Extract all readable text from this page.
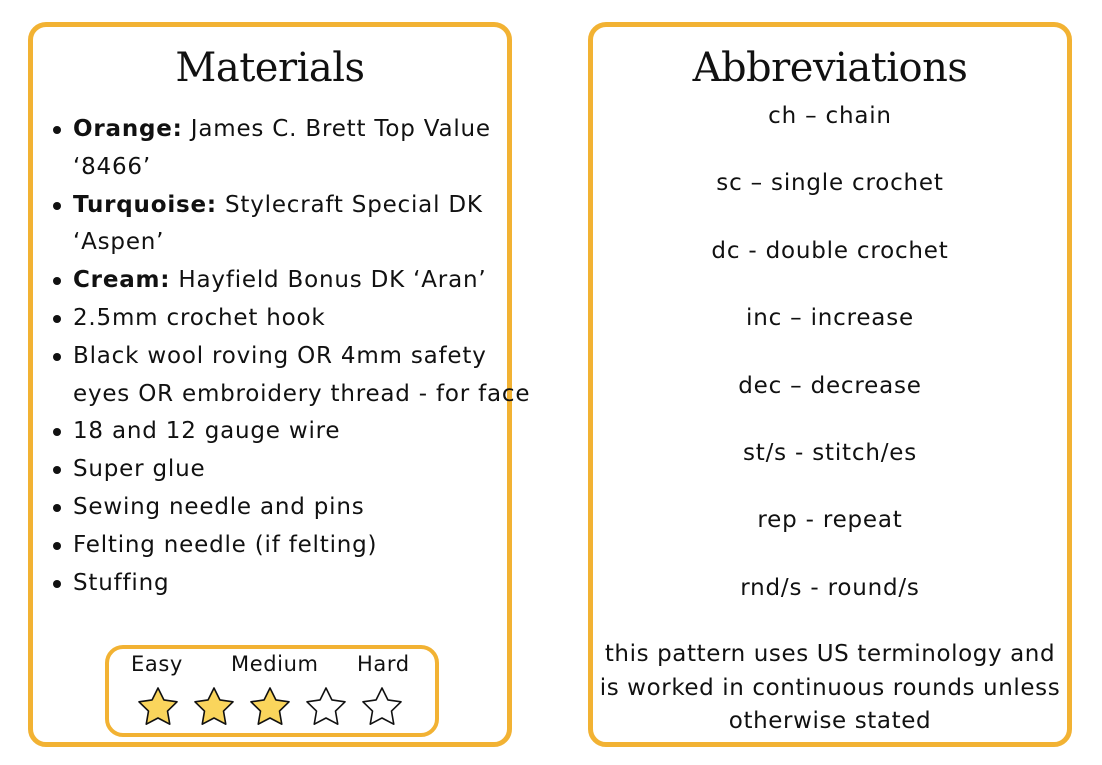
Materials
Orange: James C. Brett Top Value ‘8466’
Turquoise: Stylecraft Special DK ‘Aspen’
Cream: Hayfield Bonus DK ‘Aran’
2.5mm crochet hook
Black wool roving OR 4mm safety eyes OR embroidery thread - for face
18 and 12 gauge wire
Super glue
Sewing needle and pins
Felting needle (if felting)
Stuffing
Easy Medium Hard
Abbreviations
ch – chain
sc – single crochet
dc - double crochet
inc – increase
dec – decrease
st/s - stitch/es
rep - repeat
rnd/s - round/s

this pattern uses US terminology and is worked in continuous rounds unless otherwise stated
